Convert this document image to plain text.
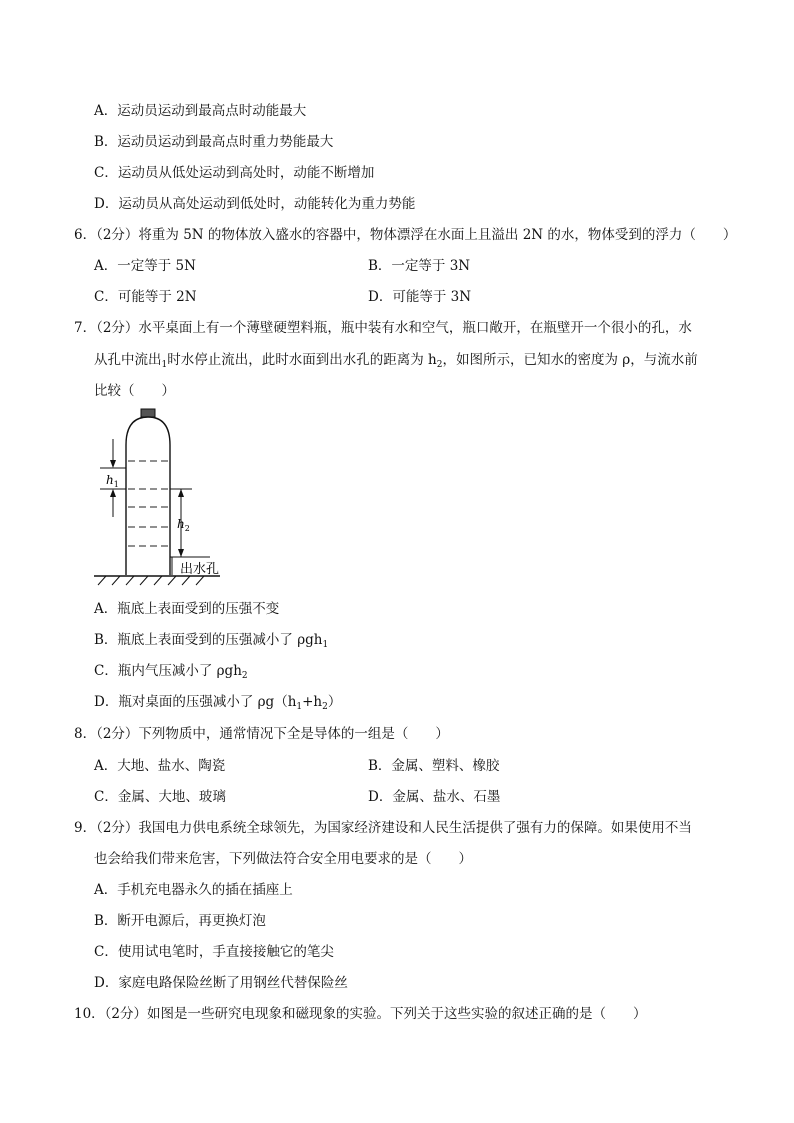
A．运动员运动到最高点时动能最大
B．运动员运动到最高点时重力势能最大
C．运动员从低处运动到高处时，动能不断增加
D．运动员从高处运动到低处时，动能转化为重力势能
6．（2分）将重为 5N 的物体放入盛水的容器中，物体漂浮在水面上且溢出 2N 的水，物体受到的浮力（　　）
A．一定等于 5N	B．一定等于 3N
C．可能等于 2N	D．可能等于 3N
7．（2分）水平桌面上有一个薄壁硬塑料瓶，瓶中装有水和空气，瓶口敞开，在瓶壁开一个很小的孔，水
从孔中流出$_1$时水停止流出，此时水面到出水孔的距离为 $h_2$，如图所示，已知水的密度为 ρ，与流水前
比较（　　）
$h_1$
$h_2$
出水孔
A．瓶底上表面受到的压强不变
B．瓶底上表面受到的压强减小了 ρgh$_1$
C．瓶内气压减小了 ρgh$_2$
D．瓶对桌面的压强减小了 $\rho g(h_1+h_2)$
8．（2分）下列物质中，通常情况下全是导体的一组是（　　）
A．大地、盐水、陶瓷	B．金属、塑料、橡胶
C．金属、大地、玻璃	D．金属、盐水、石墨
9．（2分）我国电力供电系统全球领先，为国家经济建设和人民生活提供了强有力的保障。如果使用不当
也会给我们带来危害，下列做法符合安全用电要求的是（　　）
A．手机充电器永久的插在插座上
B．断开电源后，再更换灯泡
C．使用试电笔时，手直接接触它的笔尖
D．家庭电路保险丝断了用钢丝代替保险丝
10．（2分）如图是一些研究电现象和磁现象的实验。下列关于这些实验的叙述正确的是（　　）
